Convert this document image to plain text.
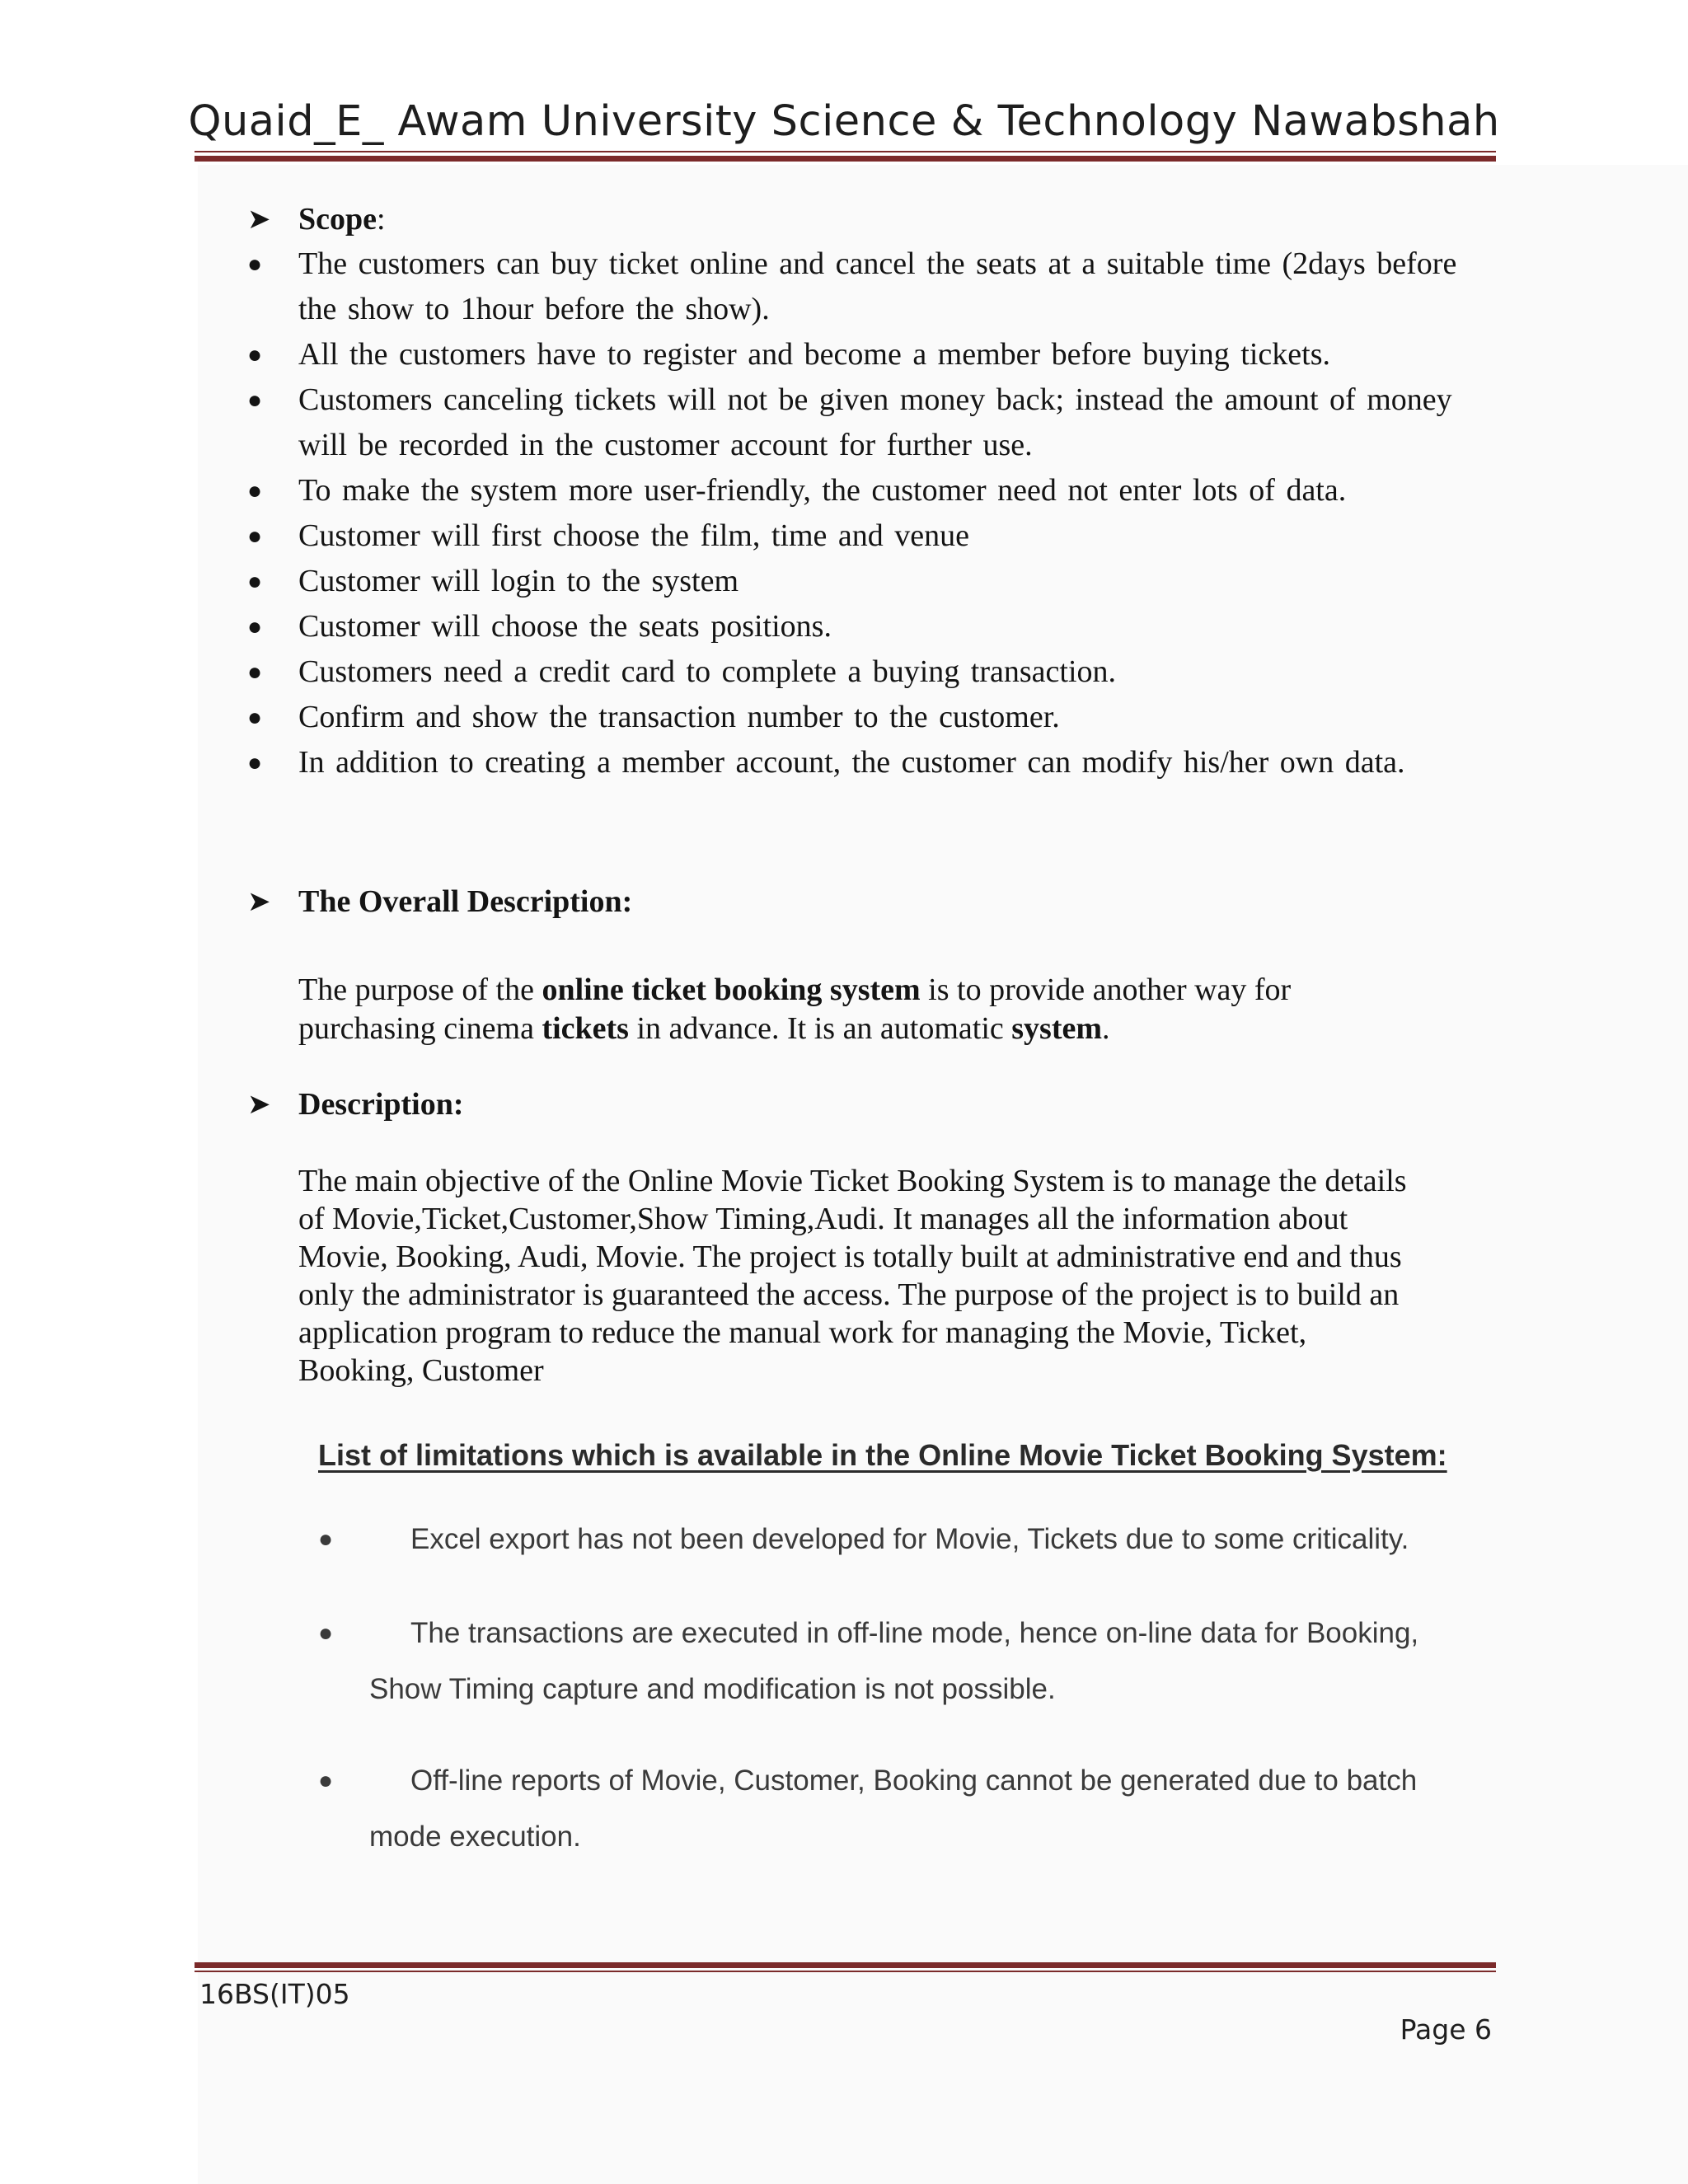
Quaid_E_ Awam University Science & Technology Nawabshah
➤ Scope :
●	The customers can buy ticket online and cancel the seats at a suitable time (2days before
the show to 1hour before the show).
●	All the customers have to register and become a member before buying tickets.
●	Customers canceling tickets will not be given money back; instead the amount of money
will be recorded in the customer account for further use.
●	To make the system more user-friendly, the customer need not enter lots of data.
●	Customer will first choose the film, time and venue
●	Customer will login to the system
●	Customer will choose the seats positions.
●	Customers need a credit card to complete a buying transaction.
●	Confirm and show the transaction number to the customer.
●	In addition to creating a member account, the customer can modify his/her own data.
➤ The Overall Description:
The purpose of the online ticket booking system is to provide another way for
purchasing cinema tickets in advance. It is an automatic system.
➤ Description:
The main objective of the Online Movie Ticket Booking System is to manage the details
of Movie,Ticket,Customer,Show Timing,Audi. It manages all the information about
Movie, Booking, Audi, Movie. The project is totally built at administrative end and thus
only the administrator is guaranteed the access. The purpose of the project is to build an
application program to reduce the manual work for managing the Movie, Ticket,
Booking, Customer
List of limitations which is available in the Online Movie Ticket Booking System:
●	Excel export has not been developed for Movie, Tickets due to some criticality.
●	The transactions are executed in off-line mode, hence on-line data for Booking,
Show Timing capture and modification is not possible.
●	Off-line reports of Movie, Customer, Booking cannot be generated due to batch
mode execution.
16BS(IT)05
Page 6
